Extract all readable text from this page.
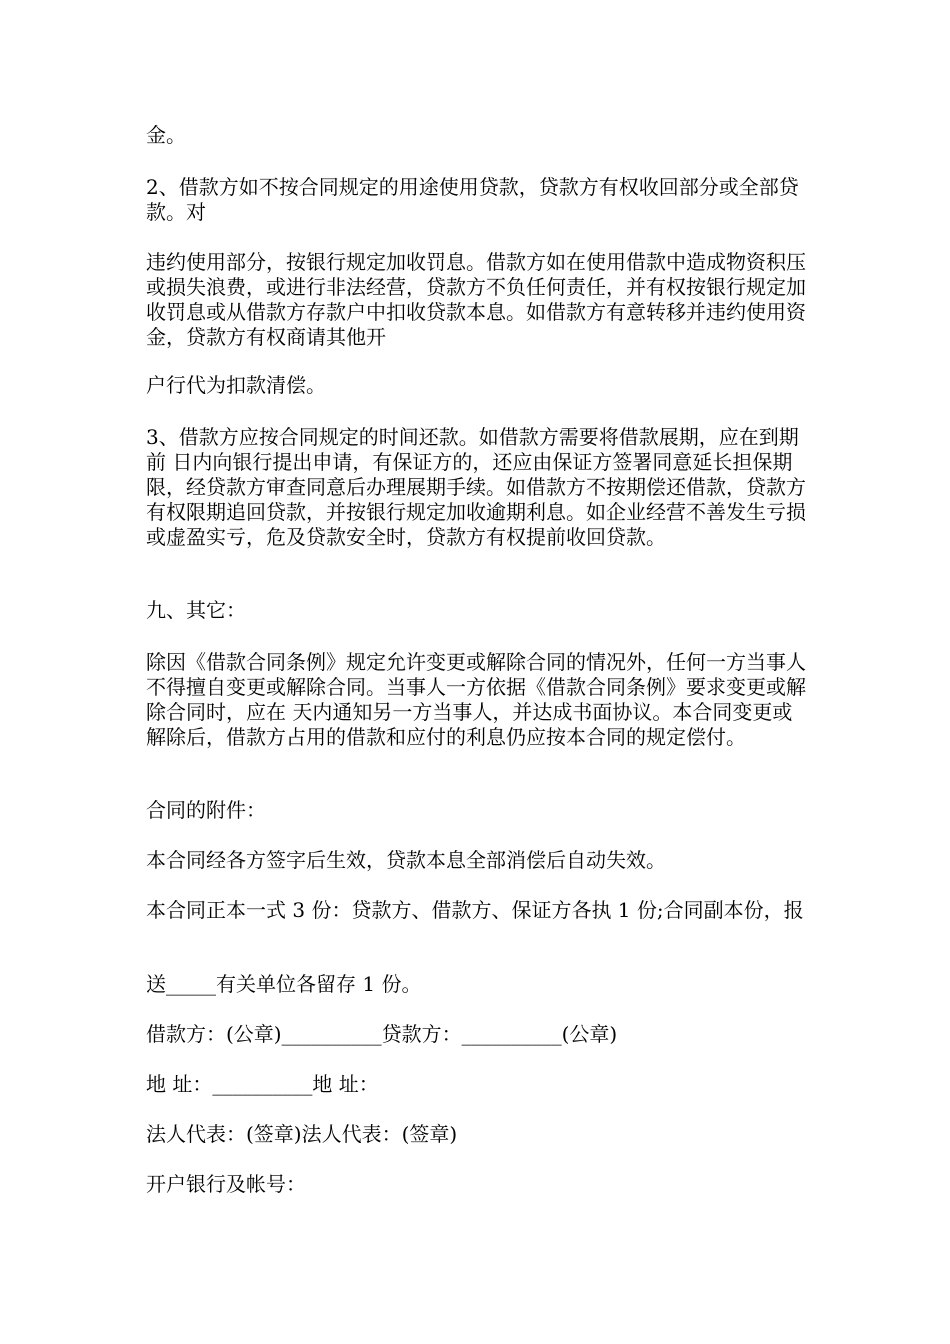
金。

2、借款方如不按合同规定的用途使用贷款，贷款方有权收回部分或全部贷款。对

违约使用部分，按银行规定加收罚息。借款方如在使用借款中造成物资积压或损失浪费，或进行非法经营，贷款方不负任何责任，并有权按银行规定加收罚息或从借款方存款户中扣收贷款本息。如借款方有意转移并违约使用资金，贷款方有权商请其他开

户行代为扣款清偿。

3、借款方应按合同规定的时间还款。如借款方需要将借款展期，应在到期前 日内向银行提出申请，有保证方的，还应由保证方签署同意延长担保期限，经贷款方审查同意后办理展期手续。如借款方不按期偿还借款，贷款方有权限期追回贷款，并按银行规定加收逾期利息。如企业经营不善发生亏损或虚盈实亏，危及贷款安全时，贷款方有权提前收回贷款。

九、其它：

除因《借款合同条例》规定允许变更或解除合同的情况外，任何一方当事人不得擅自变更或解除合同。当事人一方依据《借款合同条例》要求变更或解除合同时，应在 天内通知另一方当事人，并达成书面协议。本合同变更或解除后，借款方占用的借款和应付的利息仍应按本合同的规定偿付。

合同的附件：

本合同经各方签字后生效，贷款本息全部消偿后自动失效。

本合同正本一式 3 份：贷款方、借款方、保证方各执 1 份;合同副本份，报

送_____有关单位各留存 1 份。

借款方：(公章)__________贷款方：__________(公章)

地 址：__________地 址：

法人代表：(签章)法人代表：(签章)

开户银行及帐号：
